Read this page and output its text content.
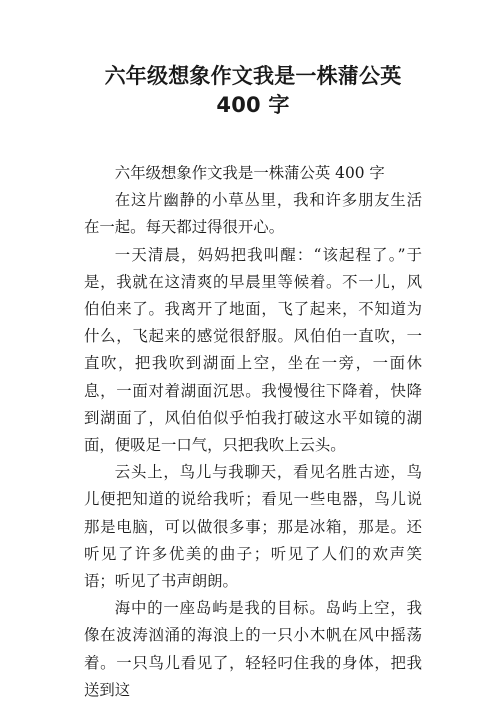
六年级想象作文我是一株蒲公英 400 字

六年级想象作文我是一株蒲公英 400 字

在这片幽静的小草丛里，我和许多朋友生活在一起。每天都过得很开心。

一天清晨，妈妈把我叫醒：“该起程了。”于是，我就在这清爽的早晨里等候着。不一儿，风伯伯来了。我离开了地面，飞了起来，不知道为什么，飞起来的感觉很舒服。风伯伯一直吹，一直吹，把我吹到湖面上空，坐在一旁，一面休息，一面对着湖面沉思。我慢慢往下降着，快降到湖面了，风伯伯似乎怕我打破这水平如镜的湖面，便吸足一口气，只把我吹上云头。

云头上，鸟儿与我聊天，看见名胜古迹，鸟儿便把知道的说给我听；看见一些电器，鸟儿说那是电脑，可以做很多事；那是冰箱，那是。还听见了许多优美的曲子；听见了人们的欢声笑语；听见了书声朗朗。

海中的一座岛屿是我的目标。岛屿上空，我像在波涛汹涌的海浪上的一只小木帆在风中摇荡着。一只鸟儿看见了，轻轻叼住我的身体，把我送到这
